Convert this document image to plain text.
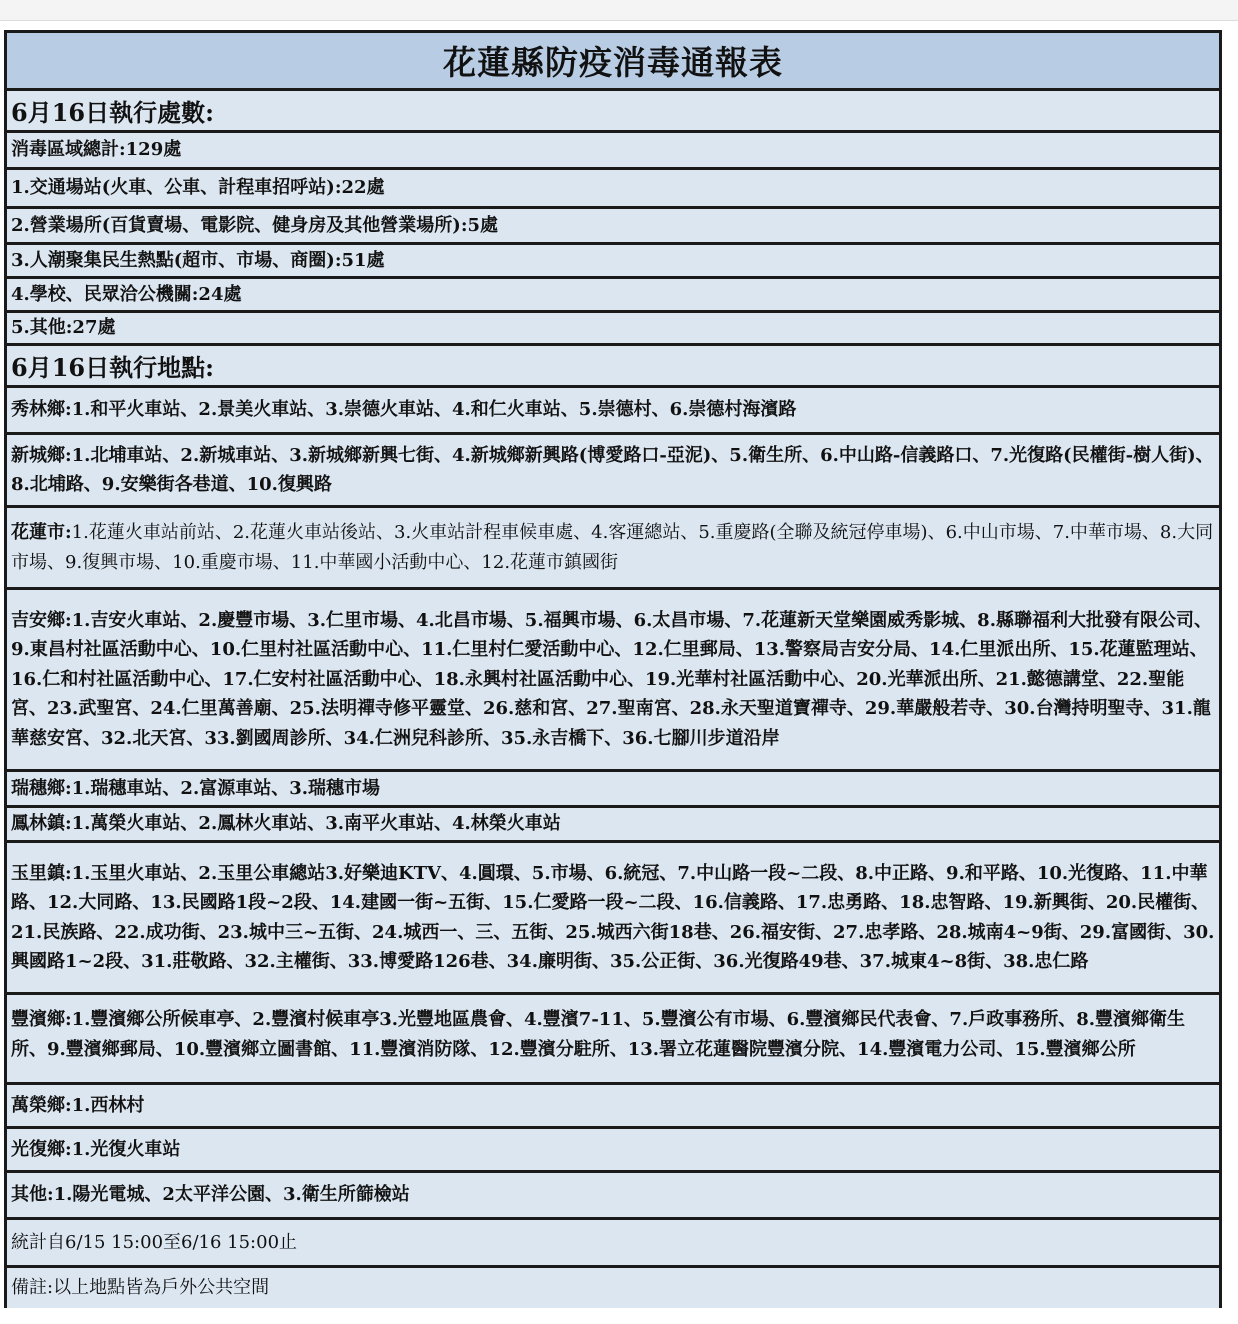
花蓮縣防疫消毒通報表
6月16日執行處數:
消毒區域總計:129處
1.交通場站(火車、公車、計程車招呼站):22處
2.營業場所(百貨賣場、電影院、健身房及其他營業場所):5處
3.人潮聚集民生熱點(超市、市場、商圈):51處
4.學校、民眾洽公機關:24處
5.其他:27處
6月16日執行地點:
秀林鄉:1.和平火車站、2.景美火車站、3.崇德火車站、4.和仁火車站、5.崇德村、6.崇德村海濱路
新城鄉:1.北埔車站、2.新城車站、3.新城鄉新興七街、4.新城鄉新興路(博愛路口-亞泥)、5.衛生所、6.中山路-信義路口、7.光復路(民權街-樹人街)、8.北埔路、9.安樂街各巷道、10.復興路
花蓮市:1.花蓮火車站前站、2.花蓮火車站後站、3.火車站計程車候車處、4.客運總站、5.重慶路(全聯及統冠停車場)、6.中山市場、7.中華市場、8.大同市場、9.復興市場、10.重慶市場、11.中華國小活動中心、12.花蓮市鎮國街
吉安鄉:1.吉安火車站、2.慶豐市場、3.仁里市場、4.北昌市場、5.福興市場、6.太昌市場、7.花蓮新天堂樂園威秀影城、8.縣聯福利大批發有限公司、9.東昌村社區活動中心、10.仁里村社區活動中心、11.仁里村仁愛活動中心、12.仁里郵局、13.警察局吉安分局、14.仁里派出所、15.花蓮監理站、16.仁和村社區活動中心、17.仁安村社區活動中心、18.永興村社區活動中心、19.光華村社區活動中心、20.光華派出所、21.懿德講堂、22.聖能宮、23.武聖宮、24.仁里萬善廟、25.法明禪寺修平靈堂、26.慈和宮、27.聖南宮、28.永天聖道寶禪寺、29.華嚴般若寺、30.台灣持明聖寺、31.龍華慈安宮、32.北天宮、33.劉國周診所、34.仁洲兒科診所、35.永吉橋下、36.七腳川步道沿岸
瑞穗鄉:1.瑞穗車站、2.富源車站、3.瑞穗市場
鳳林鎮:1.萬榮火車站、2.鳳林火車站、3.南平火車站、4.林榮火車站
玉里鎮:1.玉里火車站、2.玉里公車總站3.好樂迪KTV、4.圓環、5.市場、6.統冠、7.中山路一段~二段、8.中正路、9.和平路、10.光復路、11.中華路、12.大同路、13.民國路1段~2段、14.建國一街~五街、15.仁愛路一段~二段、16.信義路、17.忠勇路、18.忠智路、19.新興街、20.民權街、21.民族路、22.成功街、23.城中三~五街、24.城西一、三、五街、25.城西六街18巷、26.福安街、27.忠孝路、28.城南4~9街、29.富國街、30.興國路1~2段、31.莊敬路、32.主權街、33.博愛路126巷、34.廉明街、35.公正街、36.光復路49巷、37.城東4~8街、38.忠仁路
豐濱鄉:1.豐濱鄉公所候車亭、2.豐濱村候車亭3.光豐地區農會、4.豐濱7-11、5.豐濱公有市場、6.豐濱鄉民代表會、7.戶政事務所、8.豐濱鄉衛生所、9.豐濱鄉郵局、10.豐濱鄉立圖書館、11.豐濱消防隊、12.豐濱分駐所、13.署立花蓮醫院豐濱分院、14.豐濱電力公司、15.豐濱鄉公所
萬榮鄉:1.西林村
光復鄉:1.光復火車站
其他:1.陽光電城、2太平洋公園、3.衛生所篩檢站
統計自6/15 15:00至6/16 15:00止
備註:以上地點皆為戶外公共空間
